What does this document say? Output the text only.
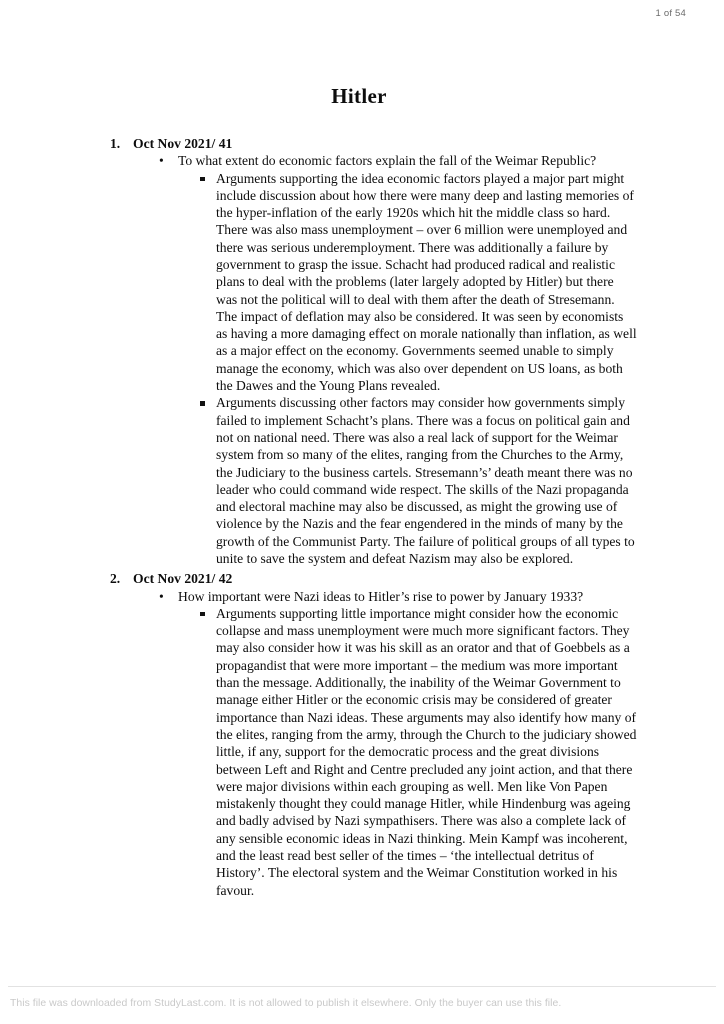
1 of 54
Hitler
1. Oct Nov 2021/ 41
• To what extent do economic factors explain the fall of the Weimar Republic?
Arguments supporting the idea economic factors played a major part might include discussion about how there were many deep and lasting memories of the hyper-inflation of the early 1920s which hit the middle class so hard. There was also mass unemployment – over 6 million were unemployed and there was serious underemployment. There was additionally a failure by government to grasp the issue. Schacht had produced radical and realistic plans to deal with the problems (later largely adopted by Hitler) but there was not the political will to deal with them after the death of Stresemann. The impact of deflation may also be considered. It was seen by economists as having a more damaging effect on morale nationally than inflation, as well as a major effect on the economy. Governments seemed unable to simply manage the economy, which was also over dependent on US loans, as both the Dawes and the Young Plans revealed.
Arguments discussing other factors may consider how governments simply failed to implement Schacht’s plans. There was a focus on political gain and not on national need. There was also a real lack of support for the Weimar system from so many of the elites, ranging from the Churches to the Army, the Judiciary to the business cartels. Stresemann’s’ death meant there was no leader who could command wide respect. The skills of the Nazi propaganda and electoral machine may also be discussed, as might the growing use of violence by the Nazis and the fear engendered in the minds of many by the growth of the Communist Party. The failure of political groups of all types to unite to save the system and defeat Nazism may also be explored.
2. Oct Nov 2021/ 42
• How important were Nazi ideas to Hitler’s rise to power by January 1933?
Arguments supporting little importance might consider how the economic collapse and mass unemployment were much more significant factors. They may also consider how it was his skill as an orator and that of Goebbels as a propagandist that were more important – the medium was more important than the message. Additionally, the inability of the Weimar Government to manage either Hitler or the economic crisis may be considered of greater importance than Nazi ideas. These arguments may also identify how many of the elites, ranging from the army, through the Church to the judiciary showed little, if any, support for the democratic process and the great divisions between Left and Right and Centre precluded any joint action, and that there were major divisions within each grouping as well. Men like Von Papen mistakenly thought they could manage Hitler, while Hindenburg was ageing and badly advised by Nazi sympathisers. There was also a complete lack of any sensible economic ideas in Nazi thinking. Mein Kampf was incoherent, and the least read best seller of the times – ‘the intellectual detritus of History’. The electoral system and the Weimar Constitution worked in his favour.
This file was downloaded from StudyLast.com. It is not allowed to publish it elsewhere. Only the buyer can use this file.
